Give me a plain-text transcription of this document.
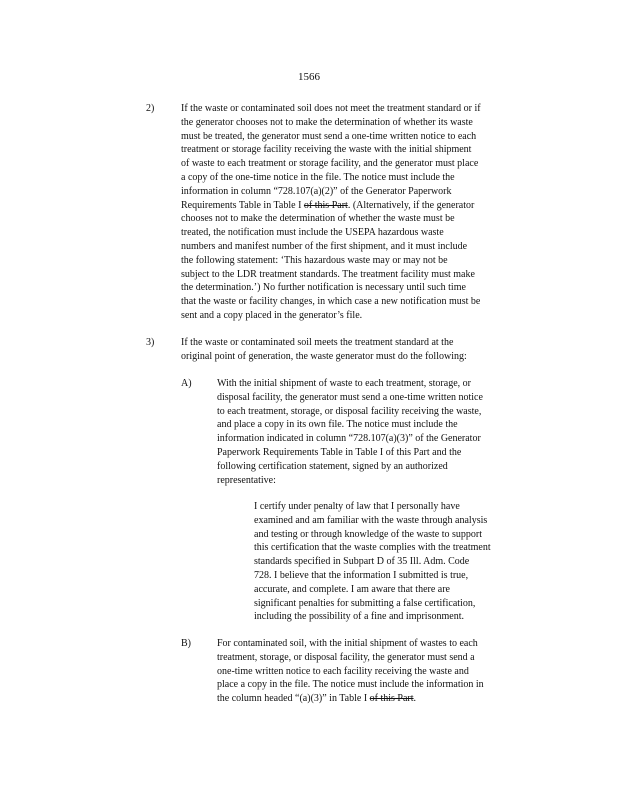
1566
2)	If the waste or contaminated soil does not meet the treatment standard or if
the generator chooses not to make the determination of whether its waste
must be treated, the generator must send a one-time written notice to each
treatment or storage facility receiving the waste with the initial shipment
of waste to each treatment or storage facility, and the generator must place
a copy of the one-time notice in the file. The notice must include the
information in column “728.107(a)(2)” of the Generator Paperwork
Requirements Table in Table I of this Part. (Alternatively, if the generator
chooses not to make the determination of whether the waste must be
treated, the notification must include the USEPA hazardous waste
numbers and manifest number of the first shipment, and it must include
the following statement: ‘This hazardous waste may or may not be
subject to the LDR treatment standards. The treatment facility must make
the determination.’) No further notification is necessary until such time
that the waste or facility changes, in which case a new notification must be
sent and a copy placed in the generator’s file.
3)	If the waste or contaminated soil meets the treatment standard at the
original point of generation, the waste generator must do the following:
A)	With the initial shipment of waste to each treatment, storage, or
disposal facility, the generator must send a one-time written notice
to each treatment, storage, or disposal facility receiving the waste,
and place a copy in its own file. The notice must include the
information indicated in column “728.107(a)(3)” of the Generator
Paperwork Requirements Table in Table I of this Part and the
following certification statement, signed by an authorized
representative:
I certify under penalty of law that I personally have
examined and am familiar with the waste through analysis
and testing or through knowledge of the waste to support
this certification that the waste complies with the treatment
standards specified in Subpart D of 35 Ill. Adm. Code
728. I believe that the information I submitted is true,
accurate, and complete. I am aware that there are
significant penalties for submitting a false certification,
including the possibility of a fine and imprisonment.
B)	For contaminated soil, with the initial shipment of wastes to each
treatment, storage, or disposal facility, the generator must send a
one-time written notice to each facility receiving the waste and
place a copy in the file. The notice must include the information in
the column headed “(a)(3)” in Table I of this Part.
